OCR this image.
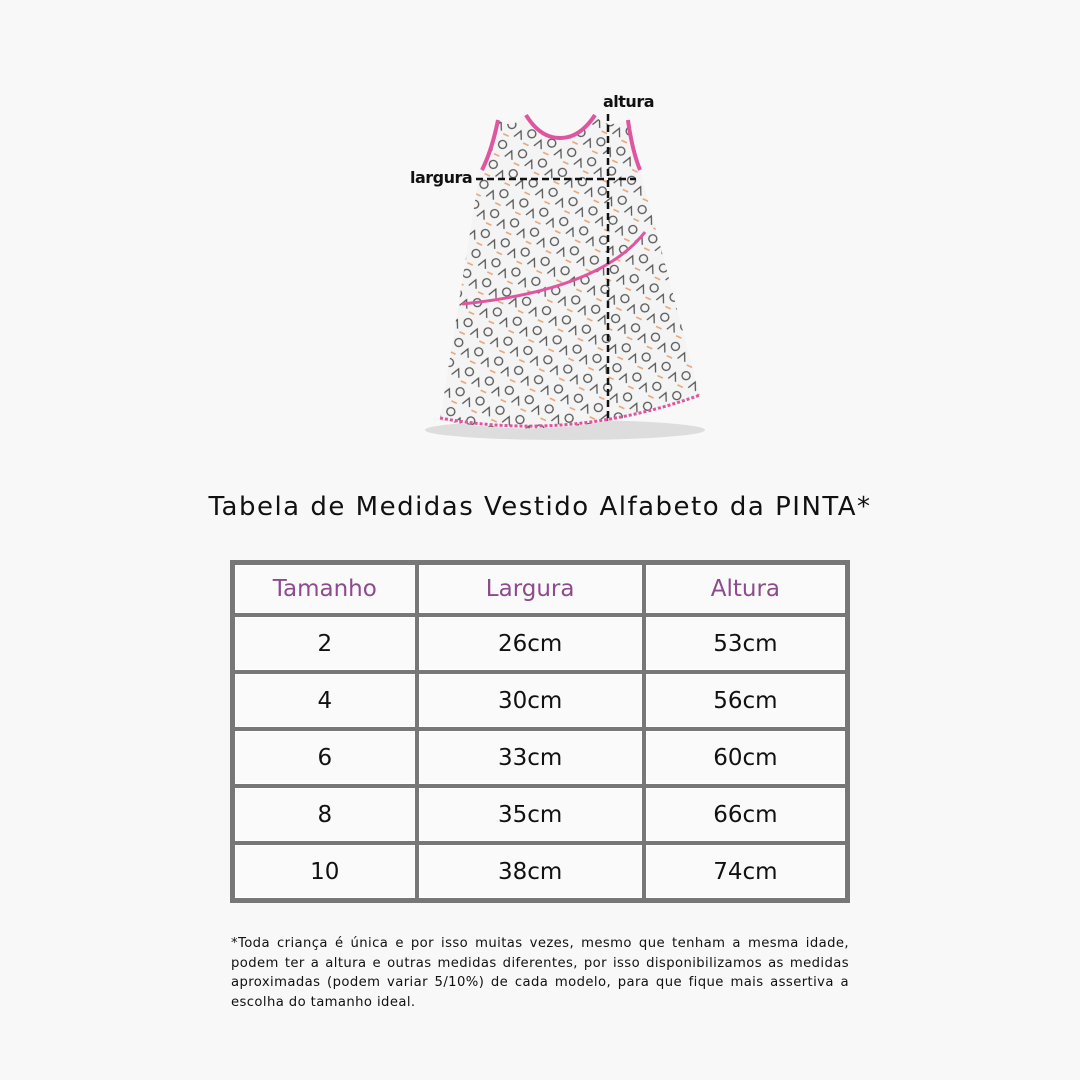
altura
largura
Tabela de Medidas Vestido Alfabeto da PINTA*
Tamanho	Largura	Altura
2	26cm	53cm
4	30cm	56cm
6	33cm	60cm
8	35cm	66cm
10	38cm	74cm
*Toda criança é única e por isso muitas vezes, mesmo que tenham a mesma idade, podem ter a altura e outras medidas diferentes, por isso disponibilizamos as medidas aproximadas (podem variar 5/10%) de cada modelo, para que fique mais assertiva a escolha do tamanho ideal.
